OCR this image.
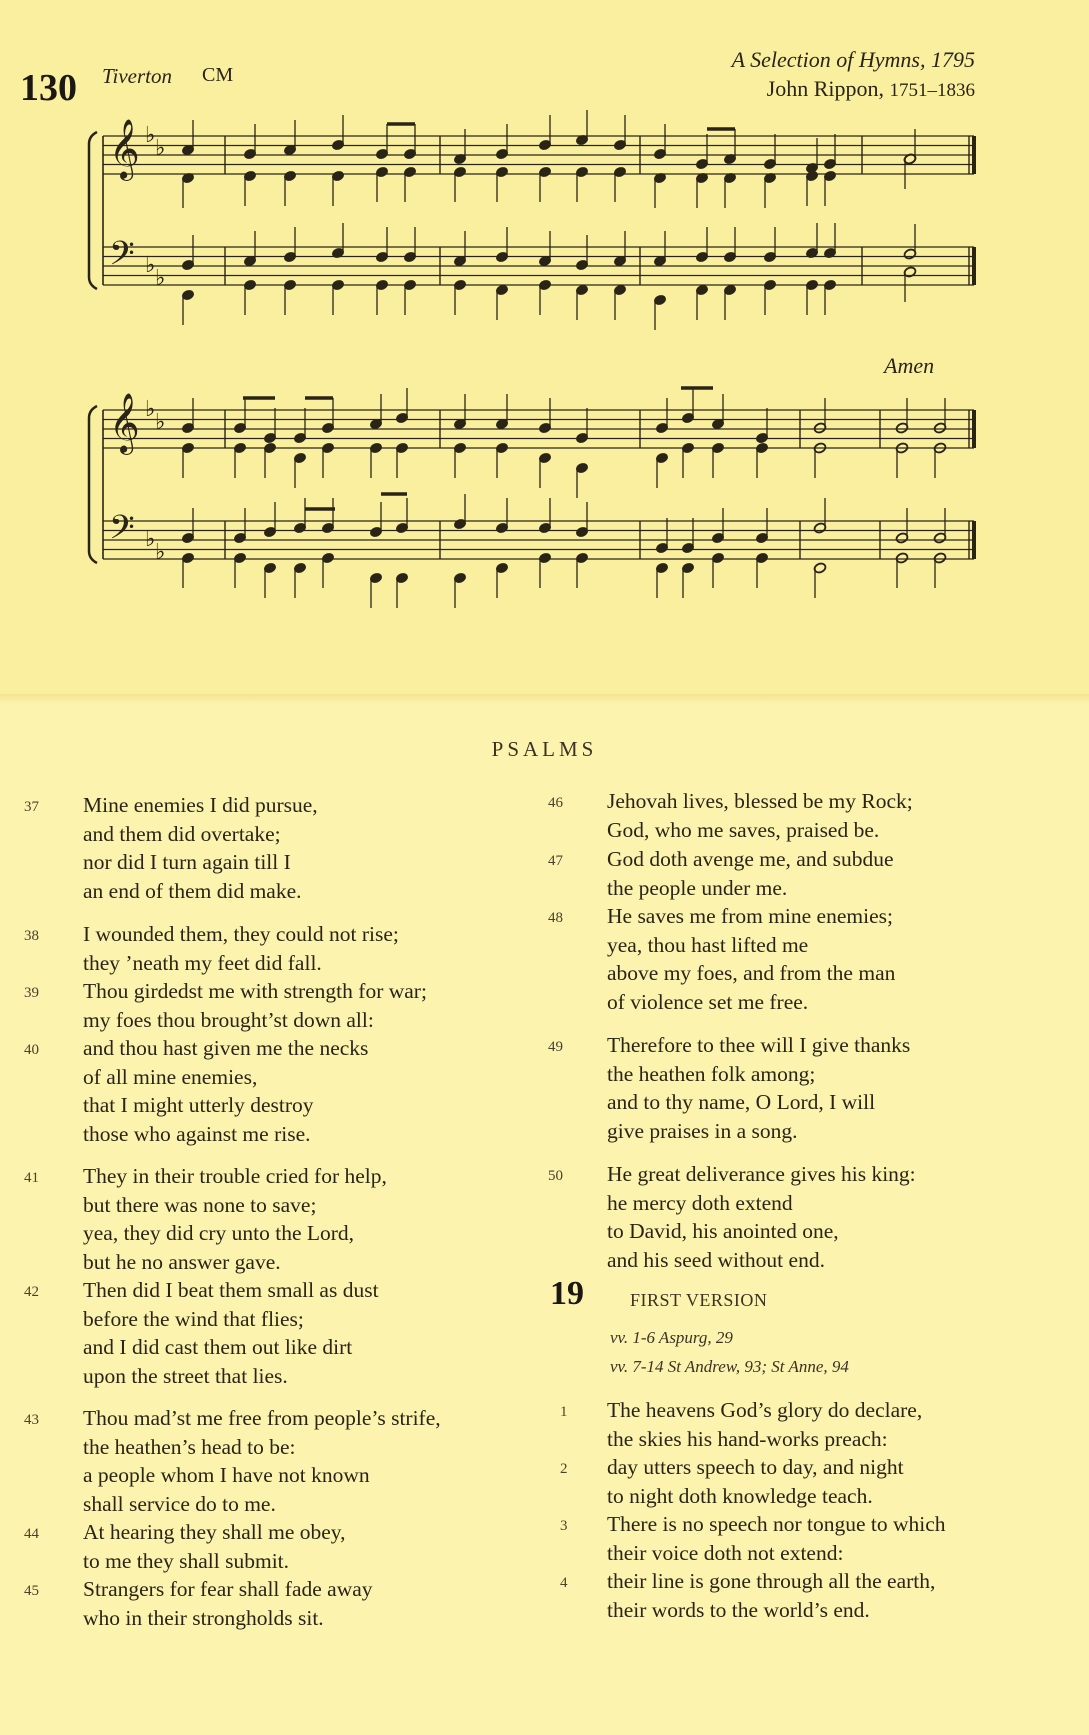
130 Tiverton CM
A Selection of Hymns, 1795
John Rippon, 1751–1836
Amen
𝄞
𝄢
♭
♭
♭
♭
𝄞
𝄢
♭
♭
♭
♭
PSALMS
37 Mine enemies I did pursue,
and them did overtake;
nor did I turn again till I
an end of them did make.
38 I wounded them, they could not rise;
they ’neath my feet did fall.
39 Thou girdedst me with strength for war;
my foes thou brought’st down all:
40 and thou hast given me the necks
of all mine enemies,
that I might utterly destroy
those who against me rise.
41 They in their trouble cried for help,
but there was none to save;
yea, they did cry unto the Lord,
but he no answer gave.
42 Then did I beat them small as dust
before the wind that flies;
and I did cast them out like dirt
upon the street that lies.
43 Thou mad’st me free from people’s strife,
the heathen’s head to be:
a people whom I have not known
shall service do to me.
44 At hearing they shall me obey,
to me they shall submit.
45 Strangers for fear shall fade away
who in their strongholds sit.
46 Jehovah lives, blessed be my Rock;
God, who me saves, praised be.
47 God doth avenge me, and subdue
the people under me.
48 He saves me from mine enemies;
yea, thou hast lifted me
above my foes, and from the man
of violence set me free.
49 Therefore to thee will I give thanks
the heathen folk among;
and to thy name, O Lord, I will
give praises in a song.
50 He great deliverance gives his king:
he mercy doth extend
to David, his anointed one,
and his seed without end.
19	FIRST VERSION
vv. 1-6 Aspurg, 29
vv. 7-14 St Andrew, 93; St Anne, 94
1 The heavens God’s glory do declare,
the skies his hand-works preach:
2 day utters speech to day, and night
to night doth knowledge teach.
3 There is no speech nor tongue to which
their voice doth not extend:
4 their line is gone through all the earth,
their words to the world’s end.
